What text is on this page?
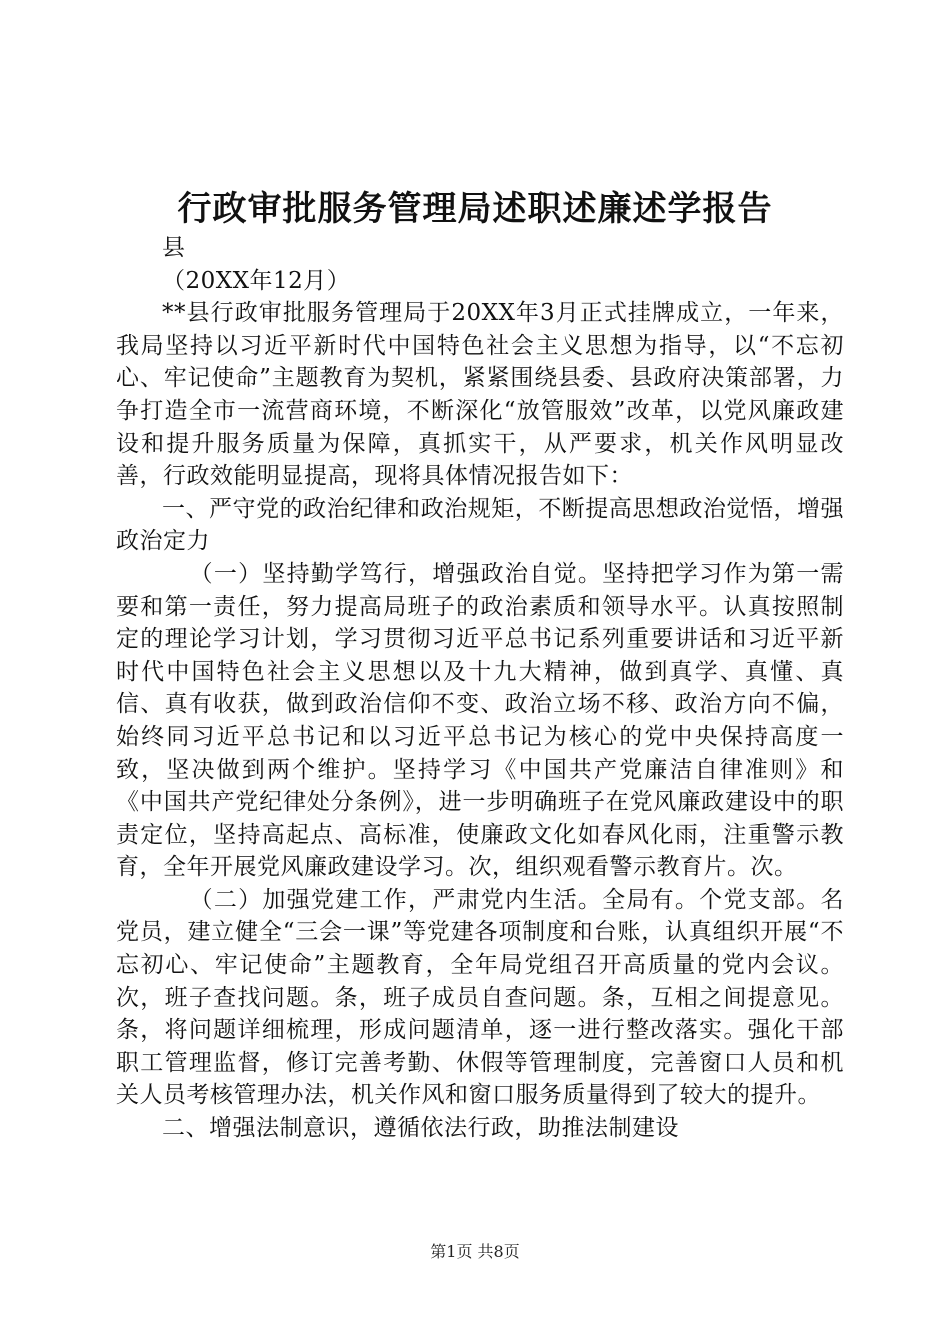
行政审批服务管理局述职述廉述学报告

县

（20XX年12月）

**县行政审批服务管理局于20XX年3月正式挂牌成立，一年来，我局坚持以习近平新时代中国特色社会主义思想为指导，以“不忘初心、牢记使命”主题教育为契机，紧紧围绕县委、县政府决策部署，力争打造全市一流营商环境，不断深化“放管服效”改革，以党风廉政建设和提升服务质量为保障，真抓实干，从严要求，机关作风明显改善，行政效能明显提高，现将具体情况报告如下：

一、严守党的政治纪律和政治规矩，不断提高思想政治觉悟，增强政治定力

（一）坚持勤学笃行，增强政治自觉。坚持把学习作为第一需要和第一责任，努力提高局班子的政治素质和领导水平。认真按照制定的理论学习计划，学习贯彻习近平总书记系列重要讲话和习近平新时代中国特色社会主义思想以及十九大精神，做到真学、真懂、真信、真有收获，做到政治信仰不变、政治立场不移、政治方向不偏，始终同习近平总书记和以习近平总书记为核心的党中央保持高度一致，坚决做到两个维护。坚持学习《中国共产党廉洁自律准则》和《中国共产党纪律处分条例》，进一步明确班子在党风廉政建设中的职责定位，坚持高起点、高标准，使廉政文化如春风化雨，注重警示教育，全年开展党风廉政建设学习。次，组织观看警示教育片。次。

（二）加强党建工作，严肃党内生活。全局有。个党支部。名党员，建立健全“三会一课”等党建各项制度和台账，认真组织开展“不忘初心、牢记使命”主题教育，全年局党组召开高质量的党内会议。次，班子查找问题。条，班子成员自查问题。条，互相之间提意见。条，将问题详细梳理，形成问题清单，逐一进行整改落实。强化干部职工管理监督，修订完善考勤、休假等管理制度，完善窗口人员和机关人员考核管理办法，机关作风和窗口服务质量得到了较大的提升。

二、增强法制意识，遵循依法行政，助推法制建设

第1页 共8页
